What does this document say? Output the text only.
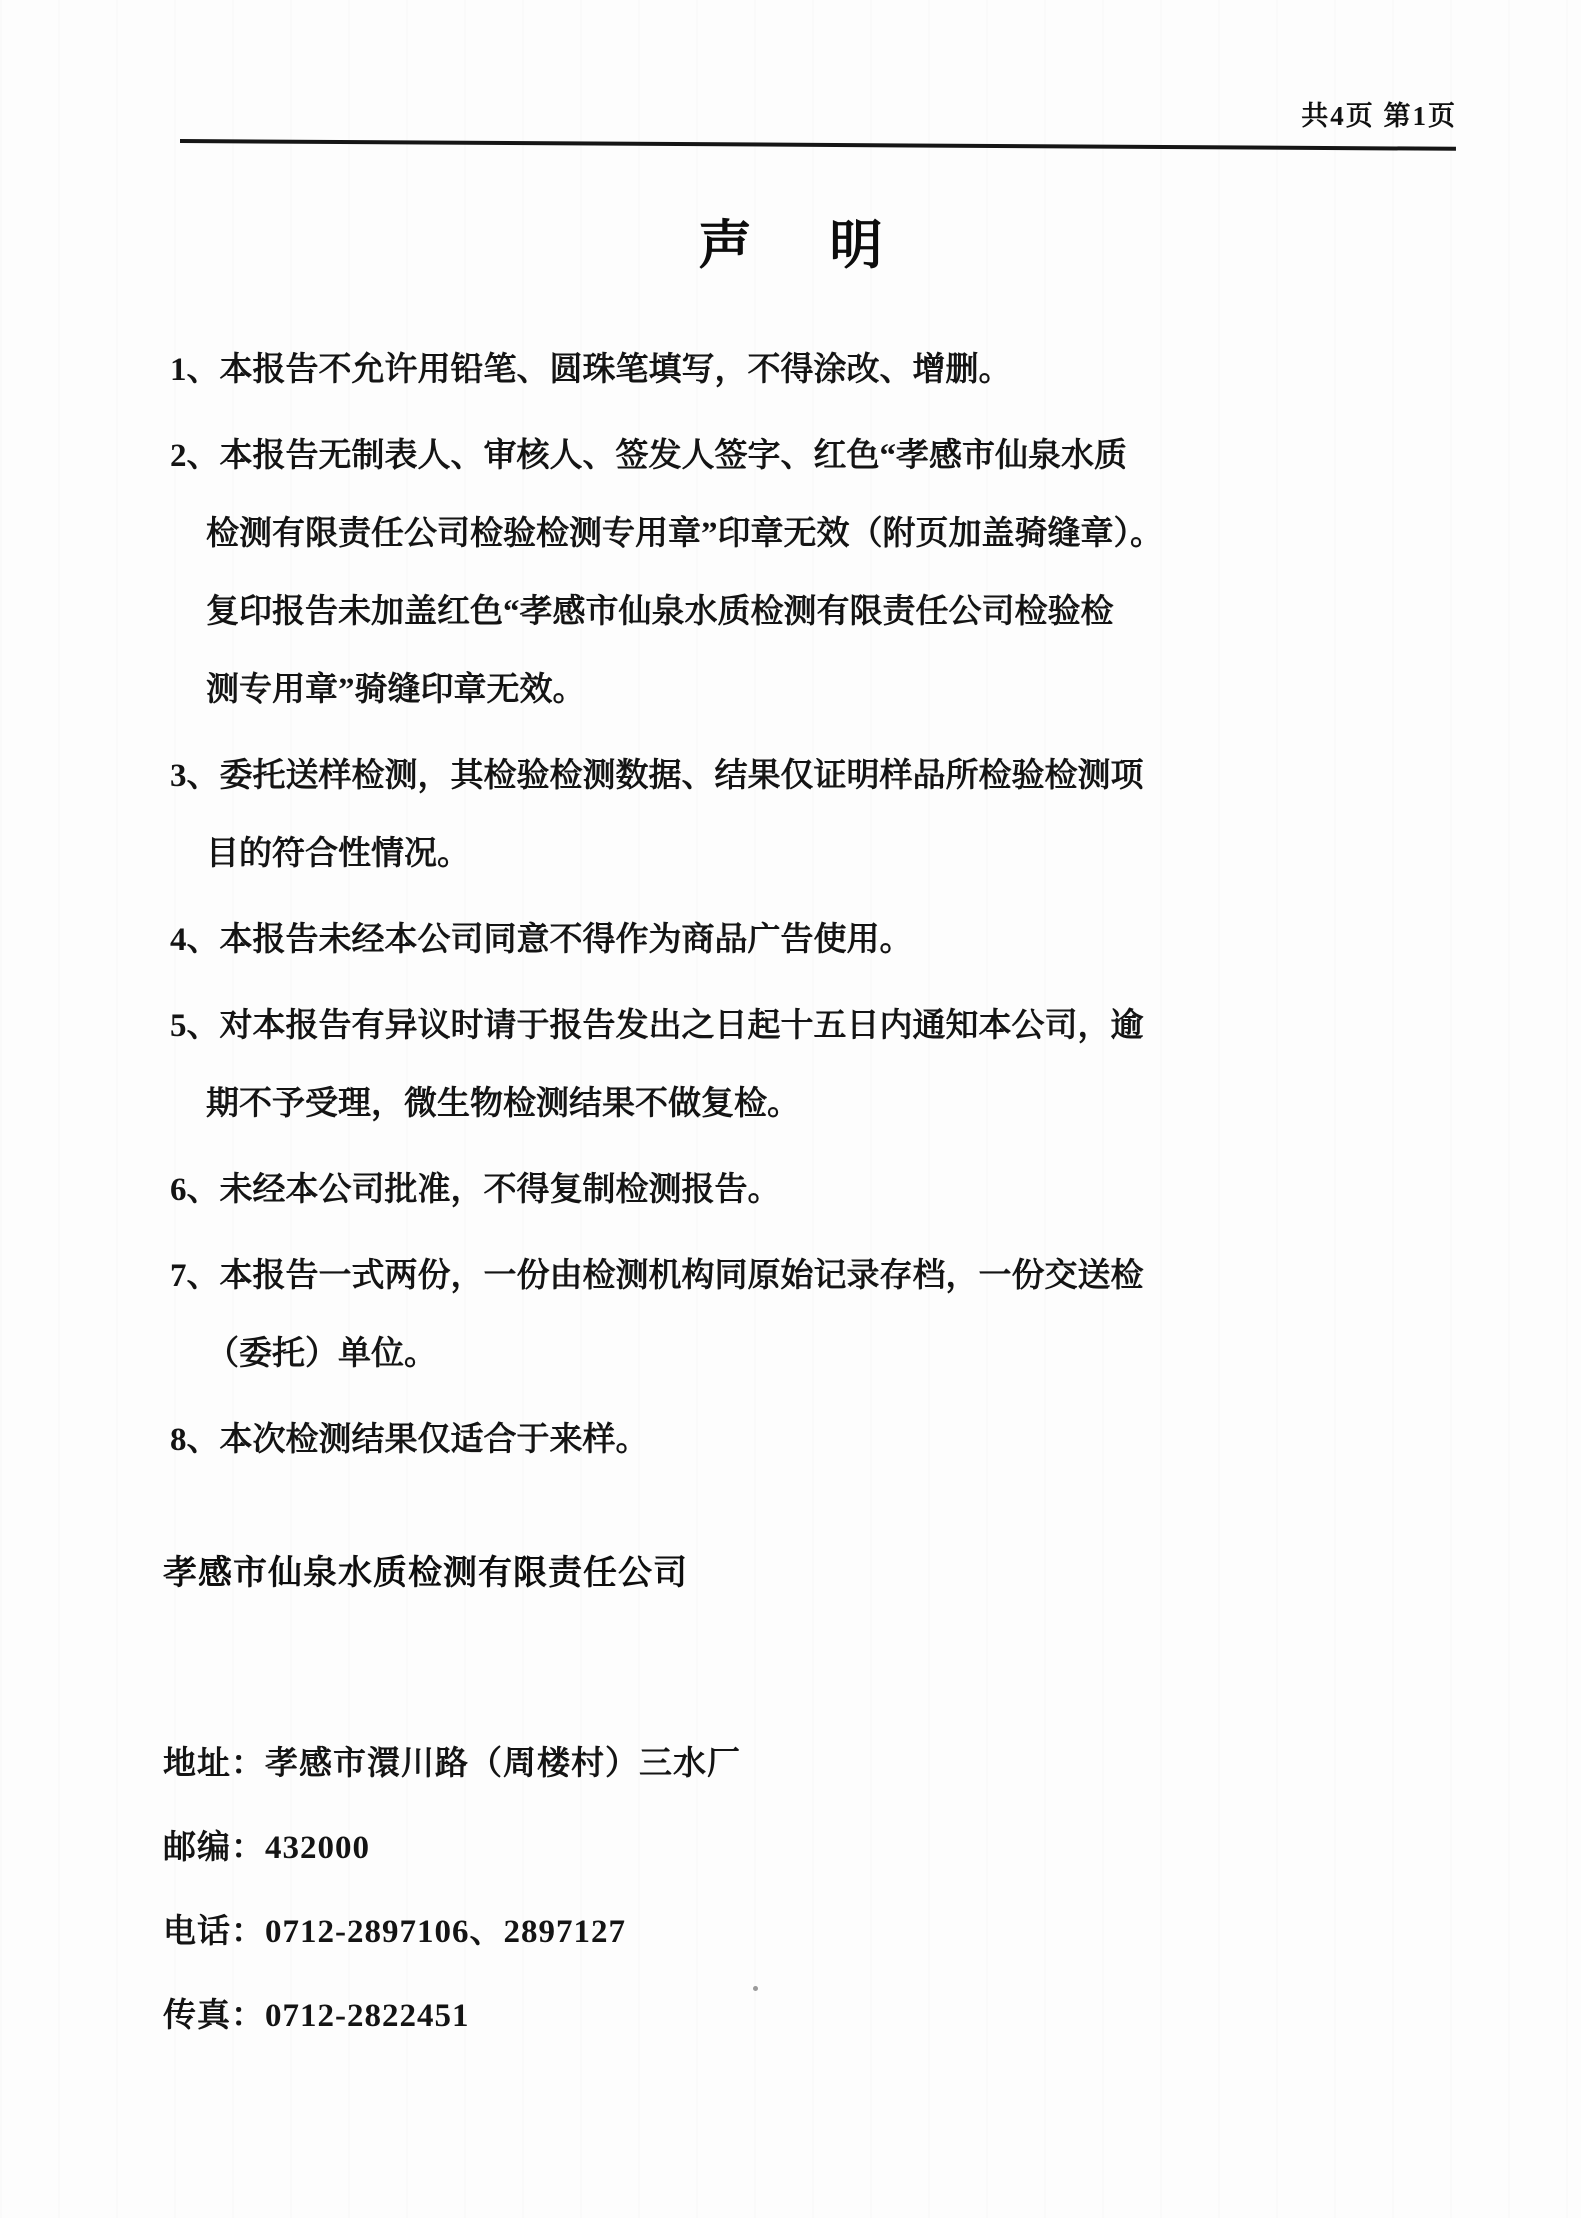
共4页 第1页
声明
1、本报告不允许用铅笔、圆珠笔填写，不得涂改、增删。
2、本报告无制表人、审核人、签发人签字、红色“孝感市仙泉水质
检测有限责任公司检验检测专用章”印章无效（附页加盖骑缝章）。
复印报告未加盖红色“孝感市仙泉水质检测有限责任公司检验检
测专用章”骑缝印章无效。
3、委托送样检测，其检验检测数据、结果仅证明样品所检验检测项
目的符合性情况。
4、本报告未经本公司同意不得作为商品广告使用。
5、对本报告有异议时请于报告发出之日起十五日内通知本公司，逾
期不予受理，微生物检测结果不做复检。
6、未经本公司批准，不得复制检测报告。
7、本报告一式两份，一份由检测机构同原始记录存档，一份交送检
（委托）单位。
8、本次检测结果仅适合于来样。
孝感市仙泉水质检测有限责任公司
地址：孝感市澴川路（周楼村）三水厂
邮编：432000
电话：0712-2897106、2897127
传真：0712-2822451
